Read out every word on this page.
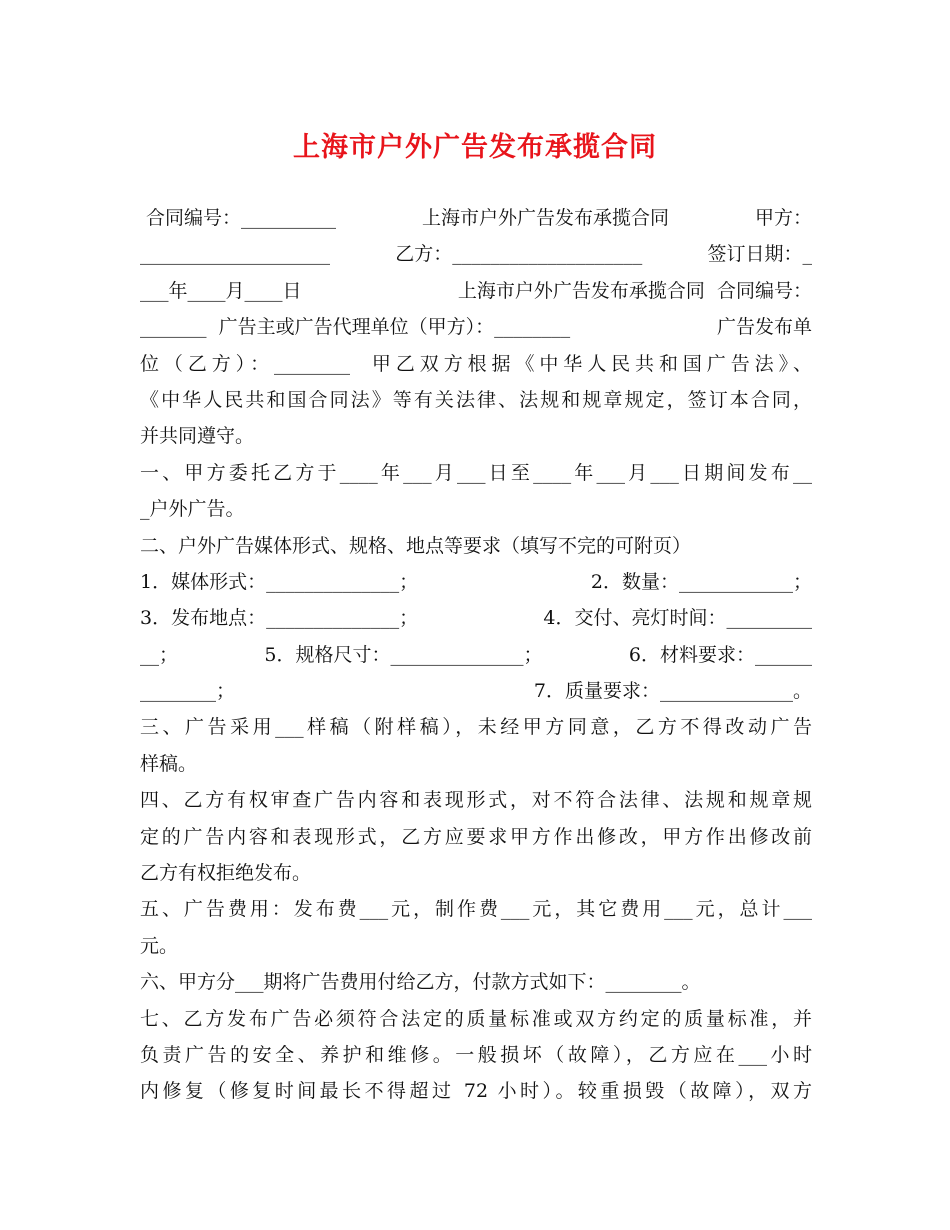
上海市户外广告发布承揽合同
合同编号：__________	上海市户外广告发布承揽合同	甲方：
____________________	乙方：____________________	签订日期：_
___年____月____日	上海市户外广告发布承揽合同  合同编号：
_______  广告主或广告代理单位（甲方）：________	广告发布单
位（乙方）：________  甲乙双方根据《中华人民共和国广告法》、
《中华人民共和国合同法》等有关法律、法规和规章规定，签订本合同，
并共同遵守。
一、甲方委托乙方于____年___月___日至____年___月___日期间发布__
_户外广告。
二、户外广告媒体形式、规格、地点等要求（填写不完的可附页）
1．媒体形式：______________；	2．数量：____________；
3．发布地点：______________；	4．交付、亮灯时间：_________
__；	5．规格尺寸：______________；	6．材料要求：______
________；	7．质量要求：______________。
三、广告采用___样稿（附样稿），未经甲方同意，乙方不得改动广告
样稿。
四、乙方有权审查广告内容和表现形式，对不符合法律、法规和规章规
定的广告内容和表现形式，乙方应要求甲方作出修改，甲方作出修改前
乙方有权拒绝发布。
五、广告费用：发布费___元，制作费___元，其它费用___元，总计___
元。
六、甲方分___期将广告费用付给乙方，付款方式如下：________。
七、乙方发布广告必须符合法定的质量标准或双方约定的质量标准，并
负责广告的安全、养护和维修。一般损坏（故障），乙方应在___小时
内修复（修复时间最长不得超过 72 小时）。较重损毁（故障），双方
